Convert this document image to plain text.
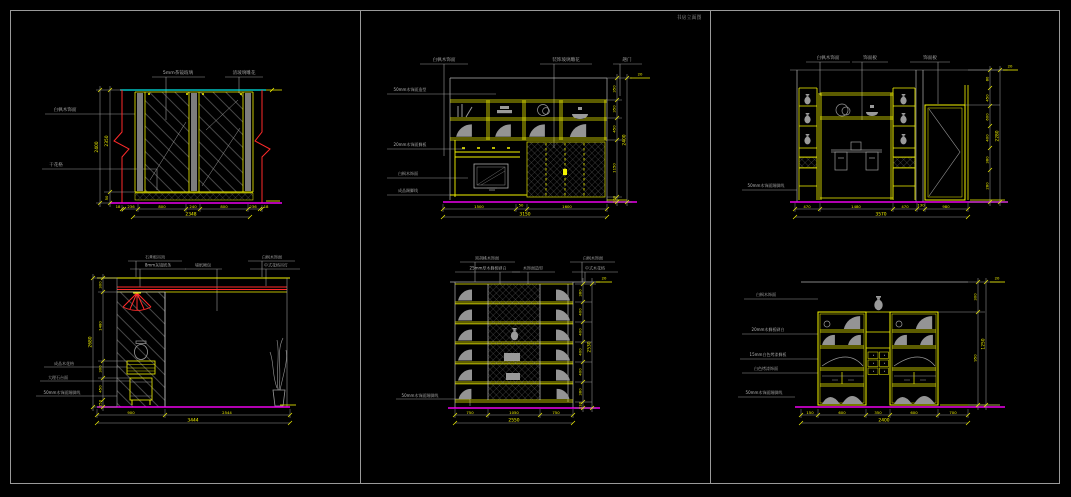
书房立面图
5mm茶镜玻璃	清玻璃雕花
白枫木饰面
干花格
2350
50
2400
18 236	800	240	800	236 18
2348
白枫木饰面	装饰玻璃雕花	趟门
50mm木饰面造型
20mm木饰面搁板
白枫木饰面
成品踢脚线
350
350
450
1150
100
2400
20
1500	50	1600
3150
白枫木饰面	饰面板	饰面板
50mm木饰面踢脚线
80
450
600
400
380
280
2280
20
470	1480	470 130	980
3570
石膏板吊顶
8mm灰镜嵌条	墙纸硬包
白枫木饰面
中式花格吊灯
成品木花格
大理石台面
50mm木饰面踢脚线
300
1480
300
450
150
2680
900	2544
3444
黑胡桃木饰面
25mm厚木搁板刷白	木饰面造型
白枫木饰面
中式木花格
50mm木饰面踢脚线
380
400
400
400
400
380
130
2530
20
750	1050	750
2550
白枫木饰面
20mm木搁板刷白
15mm白色烤漆搁板
白色烤漆饰面
50mm木饰面踢脚线
300
950
1250
20
150	600	350	600	700
2400
